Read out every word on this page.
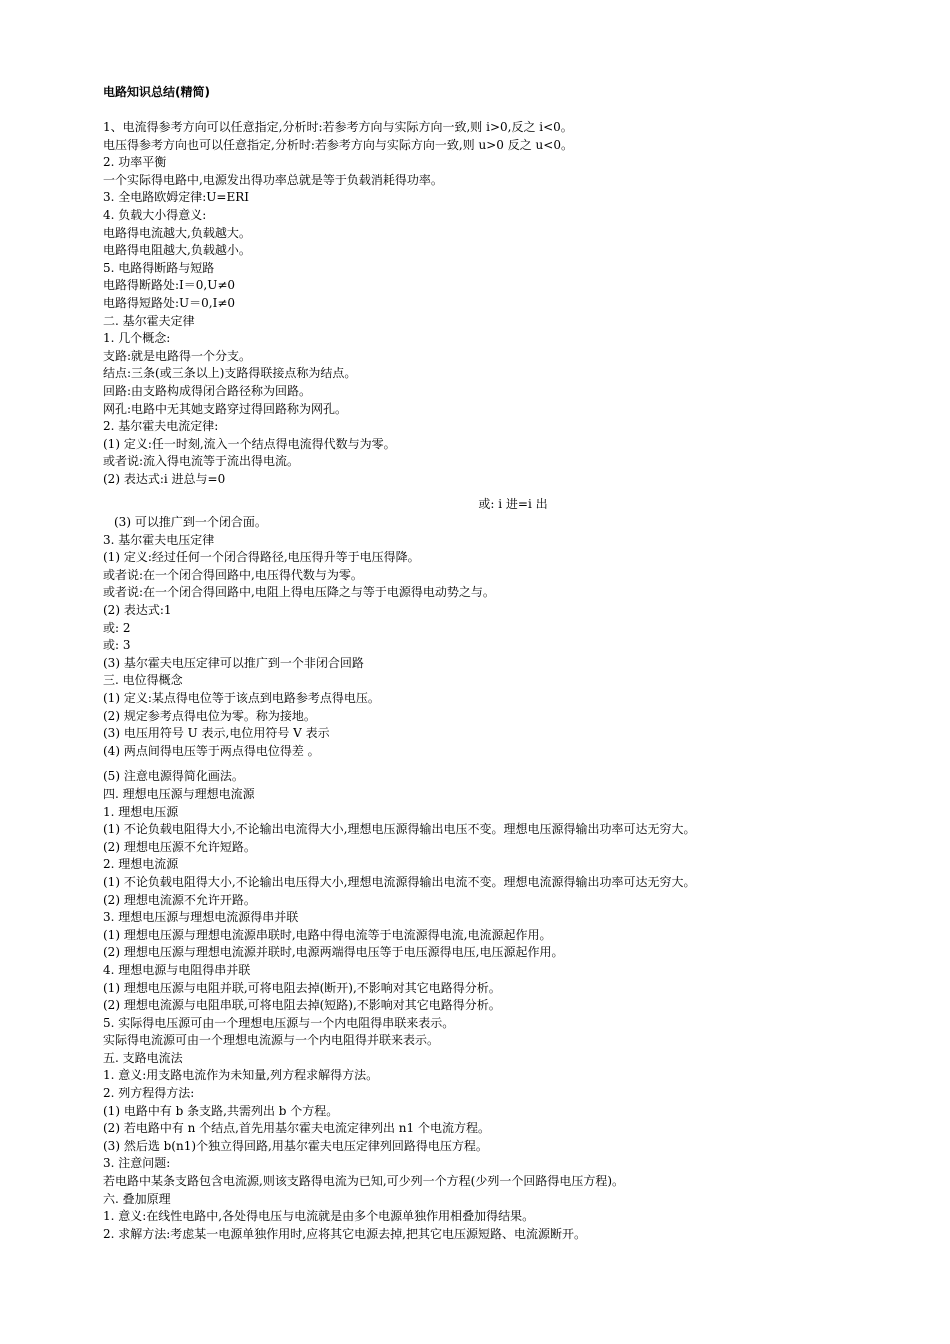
电路知识总结(精简)
1、电流得参考方向可以任意指定,分析时:若参考方向与实际方向一致,则 i>0,反之 i<0。
电压得参考方向也可以任意指定,分析时:若参考方向与实际方向一致,则 u>0 反之 u<0。
2. 功率平衡
一个实际得电路中,电源发出得功率总就是等于负载消耗得功率。
3. 全电路欧姆定律:U=ERI
4. 负载大小得意义:
电路得电流越大,负载越大。
电路得电阻越大,负载越小。
5. 电路得断路与短路
电路得断路处:I＝0,U≠0
电路得短路处:U＝0,I≠0
二. 基尔霍夫定律
1. 几个概念:
支路:就是电路得一个分支。
结点:三条(或三条以上)支路得联接点称为结点。
回路:由支路构成得闭合路径称为回路。
网孔:电路中无其她支路穿过得回路称为网孔。
2. 基尔霍夫电流定律:
(1) 定义:任一时刻,流入一个结点得电流得代数与为零。
或者说:流入得电流等于流出得电流。
(2) 表达式:i 进总与=0
或: i 进=i 出
(3) 可以推广到一个闭合面。
3. 基尔霍夫电压定律
(1) 定义:经过任何一个闭合得路径,电压得升等于电压得降。
或者说:在一个闭合得回路中,电压得代数与为零。
或者说:在一个闭合得回路中,电阻上得电压降之与等于电源得电动势之与。
(2) 表达式:1
或: 2
或: 3
(3) 基尔霍夫电压定律可以推广到一个非闭合回路
三. 电位得概念
(1) 定义:某点得电位等于该点到电路参考点得电压。
(2) 规定参考点得电位为零。称为接地。
(3) 电压用符号 U 表示,电位用符号 V 表示
(4) 两点间得电压等于两点得电位得差 。
(5) 注意电源得简化画法。
四. 理想电压源与理想电流源
1. 理想电压源
(1) 不论负载电阻得大小,不论输出电流得大小,理想电压源得输出电压不变。理想电压源得输出功率可达无穷大。
(2) 理想电压源不允许短路。
2. 理想电流源
(1) 不论负载电阻得大小,不论输出电压得大小,理想电流源得输出电流不变。理想电流源得输出功率可达无穷大。
(2) 理想电流源不允许开路。
3. 理想电压源与理想电流源得串并联
(1) 理想电压源与理想电流源串联时,电路中得电流等于电流源得电流,电流源起作用。
(2) 理想电压源与理想电流源并联时,电源两端得电压等于电压源得电压,电压源起作用。
4. 理想电源与电阻得串并联
(1) 理想电压源与电阻并联,可将电阻去掉(断开),不影响对其它电路得分析。
(2) 理想电流源与电阻串联,可将电阻去掉(短路),不影响对其它电路得分析。
5. 实际得电压源可由一个理想电压源与一个内电阻得串联来表示。
实际得电流源可由一个理想电流源与一个内电阻得并联来表示。
五. 支路电流法
1. 意义:用支路电流作为未知量,列方程求解得方法。
2. 列方程得方法:
(1) 电路中有 b 条支路,共需列出 b 个方程。
(2) 若电路中有 n 个结点,首先用基尔霍夫电流定律列出 n1 个电流方程。
(3) 然后选 b(n1)个独立得回路,用基尔霍夫电压定律列回路得电压方程。
3. 注意问题:
若电路中某条支路包含电流源,则该支路得电流为已知,可少列一个方程(少列一个回路得电压方程)。
六. 叠加原理
1. 意义:在线性电路中,各处得电压与电流就是由多个电源单独作用相叠加得结果。
2. 求解方法:考虑某一电源单独作用时,应将其它电源去掉,把其它电压源短路、电流源断开。
